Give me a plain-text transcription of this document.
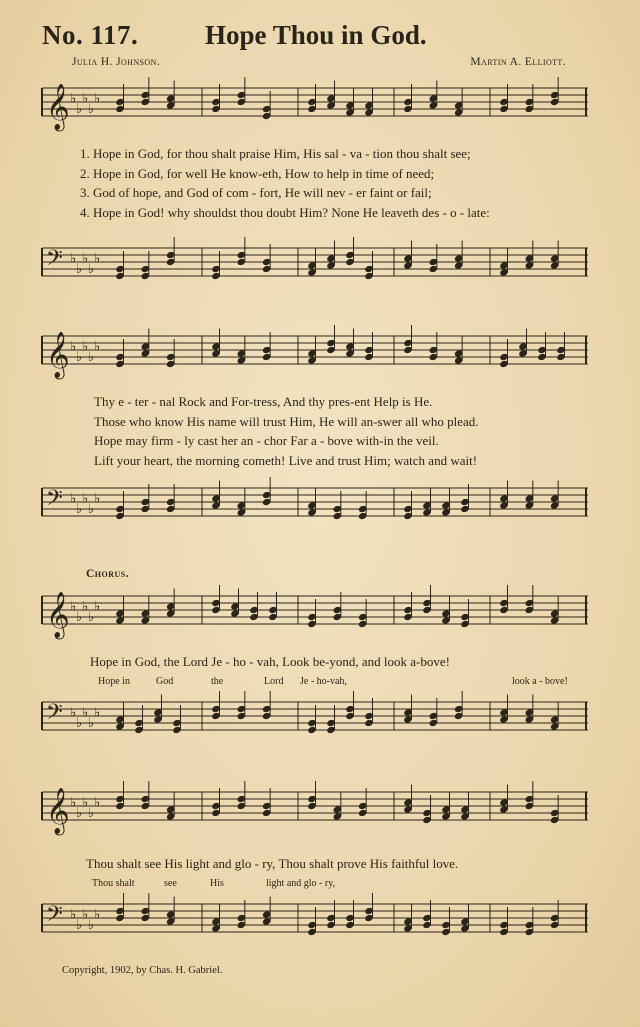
No. 117. Hope Thou in God.
Julia H. Johnson.	Martin A. Elliott.
𝄞 ♭
♭
♭
♭
♭
1. Hope in God, for thou shalt praise Him, His sal - va - tion thou shalt see;
2. Hope in God, for well He know-eth, How to help in time of need;
3. God of hope, and God of com - fort, He will nev - er faint or fail;
4. Hope in God! why shouldst thou doubt Him? None He leaveth des - o - late:
𝄢 ♭
♭
♭
♭
♭
𝄞 ♭
♭
♭
♭
♭
Thy e - ter - nal Rock and For-tress, And thy pres-ent Help is He.
Those who know His name will trust Him, He will an-swer all who plead.
Hope may firm - ly cast her an - chor Far a - bove with-in the veil.
Lift your heart, the morning cometh! Live and trust Him; watch and wait!
𝄢 ♭
♭
♭
♭
♭
Chorus.
𝄞 ♭
♭
♭
♭
♭
Hope in God, the Lord Je - ho - vah, Look be-yond, and look a-bove!
Hope in	God	the	Lord Je - ho-vah,	look a - bove!
𝄢 ♭
♭
♭
♭
♭
𝄞 ♭
♭
♭
♭
♭
Thou shalt see His light and glo - ry, Thou shalt prove His faithful love.
Thou shalt	see	His	light and glo - ry,
𝄢 ♭
♭
♭
♭
♭
Copyright, 1902, by Chas. H. Gabriel.
